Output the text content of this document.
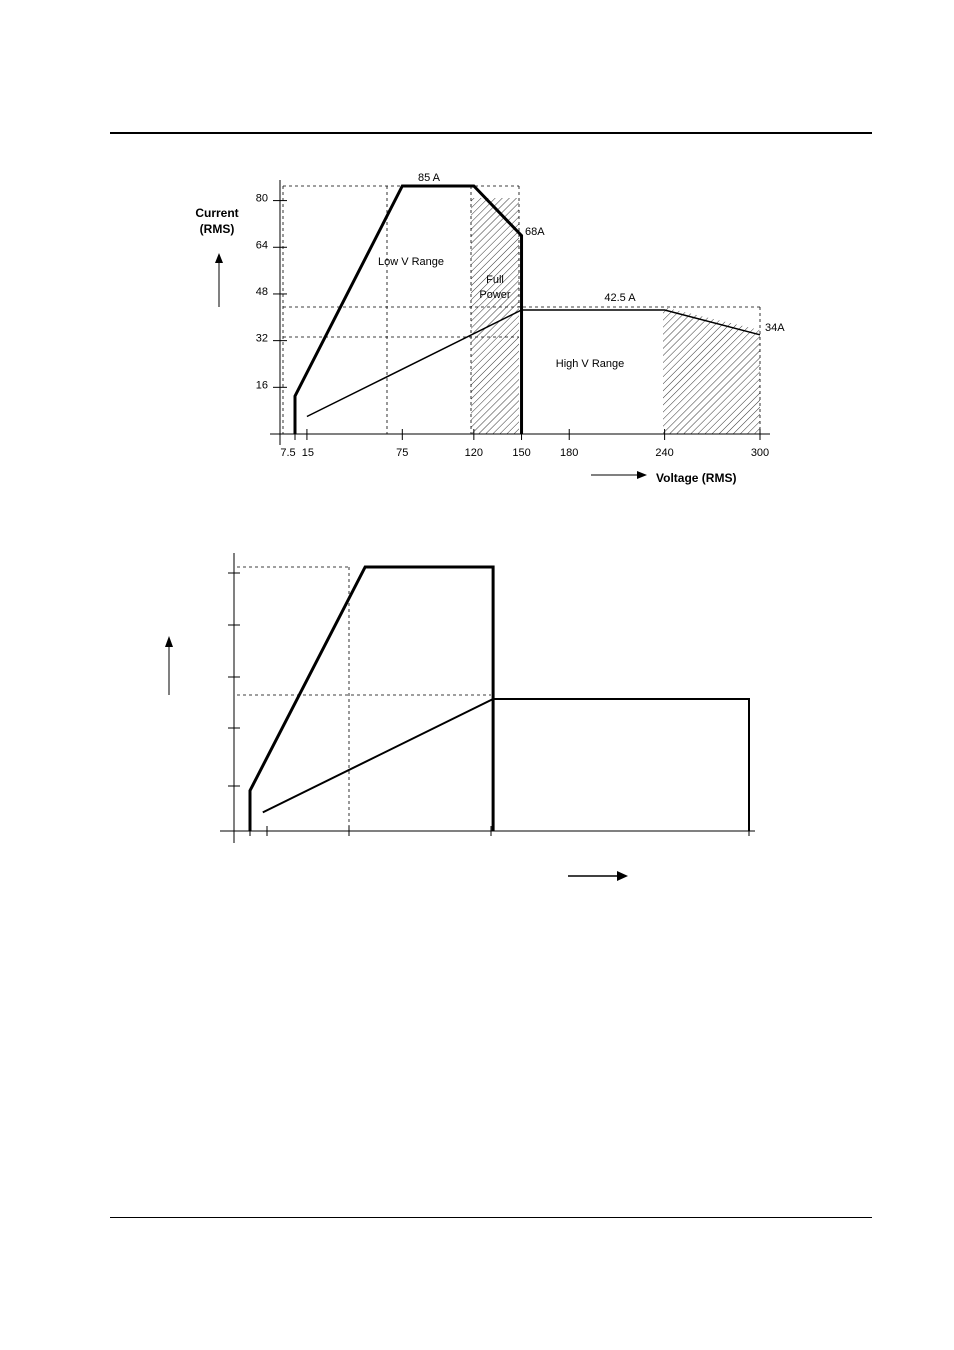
16
32
48
64
80
7.5 15	75	120	150	180	240	300
85 A
68A
Low V Range
Full
Power	42.5 A
34A
High V Range
Current
(RMS)
Voltage (RMS)
